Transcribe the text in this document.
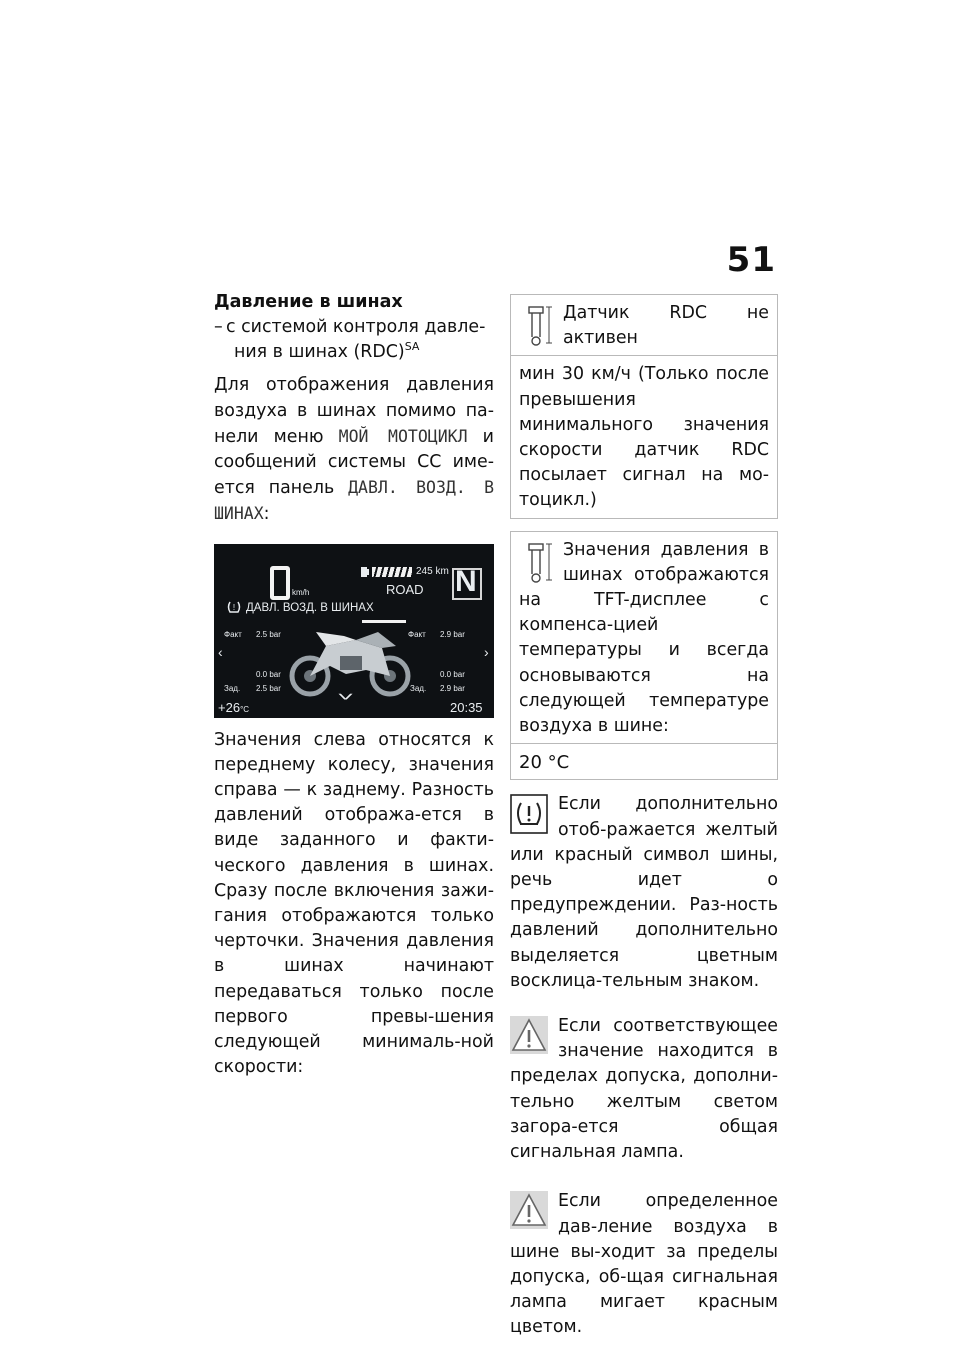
51

Давление в шинах

– с системой контроля давле-
ния в шинах (RDC)$^{SA}$

Для отображения давления воздуха в шинах помимо па-нели меню МОЙ МОТОЦИКЛ и сообщений системы СС име-ется панель ДАВЛ. ВОЗД. В ШИНАХ:

km/h
245 km
ROAD N
! ДАВЛ. ВОЗД. В ШИНАХ
Факт 2.5 bar	Факт 2.9 bar
0.0 bar	0.0 bar
Зад. 2.5 bar	Зад. 2.9 bar
‹	›
˅
+26°C	20:35

Значения слева относятся к переднему колесу, значения справа — к заднему. Разность давлений отобража-ется в виде заданного и факти-ческого давления в шинах. Сразу после включения зажи-гания отображаются только черточки. Значения давления в шинах начинают передаваться только после первого превы-шения следующей минималь-ной скорости:

Датчик RDC не активен

мин 30 км/ч (Только после превышения минимального значения скорости датчик RDC посылает сигнал на мо-тоцикл.)

Значения давления в шинах отображаются на TFT-дисплее с компенса-цией температуры и всегда основываются на следующей температуре воздуха в шине:

20 °C

Если дополнительно отоб-ражается желтый или красный символ шины, речь идет о предупреждении. Раз-ность давлений дополнительно выделяется цветным восклица-тельным знаком.

Если соответствующее значение находится в пределах допуска, дополни-тельно желтым светом загора-ется общая сигнальная лампа.

Если определенное дав-ление воздуха в шине вы-ходит за пределы допуска, об-щая сигнальная лампа мигает красным цветом.
